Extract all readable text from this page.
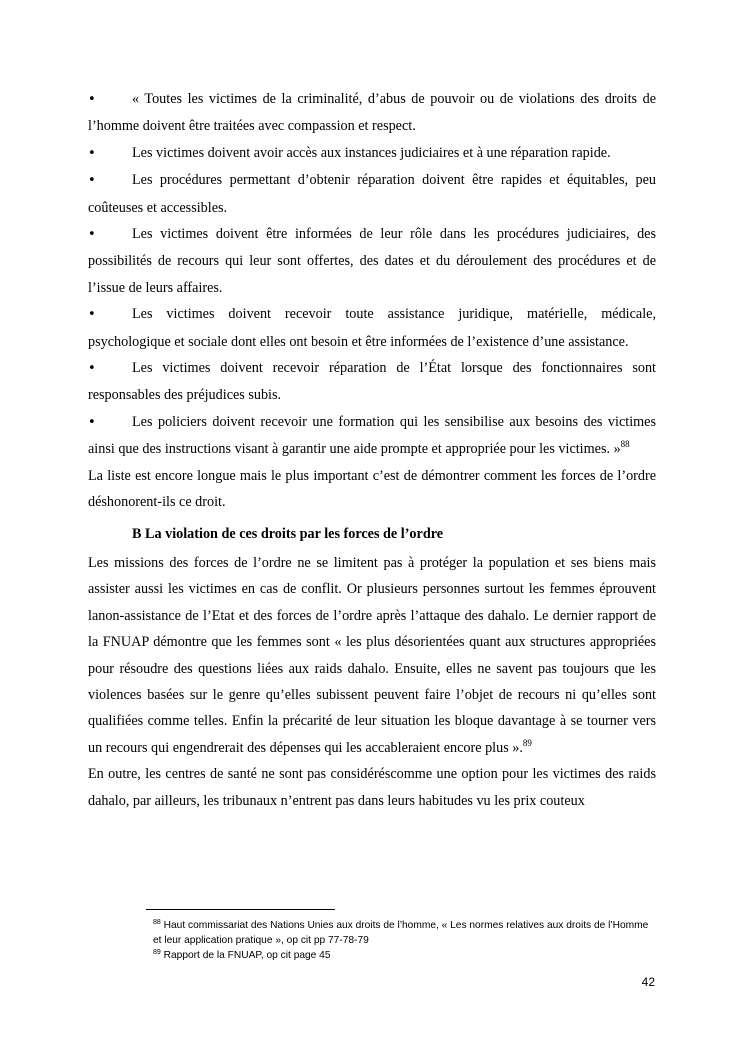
•	« Toutes les victimes de la criminalité, d’abus de pouvoir ou de violations des droits de l’homme doivent être traitées avec compassion et respect.

•	Les victimes doivent avoir accès aux instances judiciaires et à une réparation rapide.

•	Les procédures permettant d’obtenir réparation doivent être rapides et équitables, peu coûteuses et accessibles.

•	Les victimes doivent être informées de leur rôle dans les procédures judiciaires, des possibilités de recours qui leur sont offertes, des dates et du déroulement des procédures et de l’issue de leurs affaires.

•	Les victimes doivent recevoir toute assistance juridique, matérielle, médicale, psychologique et sociale dont elles ont besoin et être informées de l’existence d’une assistance.

•	Les victimes doivent recevoir réparation de l’État lorsque des fonctionnaires sont responsables des préjudices subis.

•	Les policiers doivent recevoir une formation qui les sensibilise aux besoins des victimes ainsi que des instructions visant à garantir une aide prompte et appropriée pour les victimes. »$^{88}$

La liste est encore longue mais le plus important c’est de démontrer comment les forces de l’ordre déshonorent-ils ce droit.

B La violation de ces droits par les forces de l’ordre

Les missions des forces de l’ordre ne se limitent pas à protéger la population et ses biens mais assister aussi les victimes en cas de conflit. Or plusieurs personnes surtout les femmes éprouvent lanon-assistance de l’Etat et des forces de l’ordre après l’attaque des dahalo. Le dernier rapport de la FNUAP démontre que les femmes sont « les plus désorientées quant aux structures appropriées pour résoudre des questions liées aux raids dahalo. Ensuite, elles ne savent pas toujours que les violences basées sur le genre qu’elles subissent peuvent faire l’objet de recours ni qu’elles sont qualifiées comme telles. Enfin la précarité de leur situation les bloque davantage à se tourner vers un recours qui engendrerait des dépenses qui les accableraient encore plus ».$^{89}$

En outre, les centres de santé ne sont pas considéréscomme une option pour les victimes des raids dahalo, par ailleurs, les tribunaux n’entrent pas dans leurs habitudes vu les prix couteux

$^{88}$ Haut commissariat des Nations Unies aux droits de l’homme, « Les normes relatives aux droits de l’Homme et leur application pratique », op cit pp 77-78-79

$^{89}$ Rapport de la FNUAP, op cit page 45

42
